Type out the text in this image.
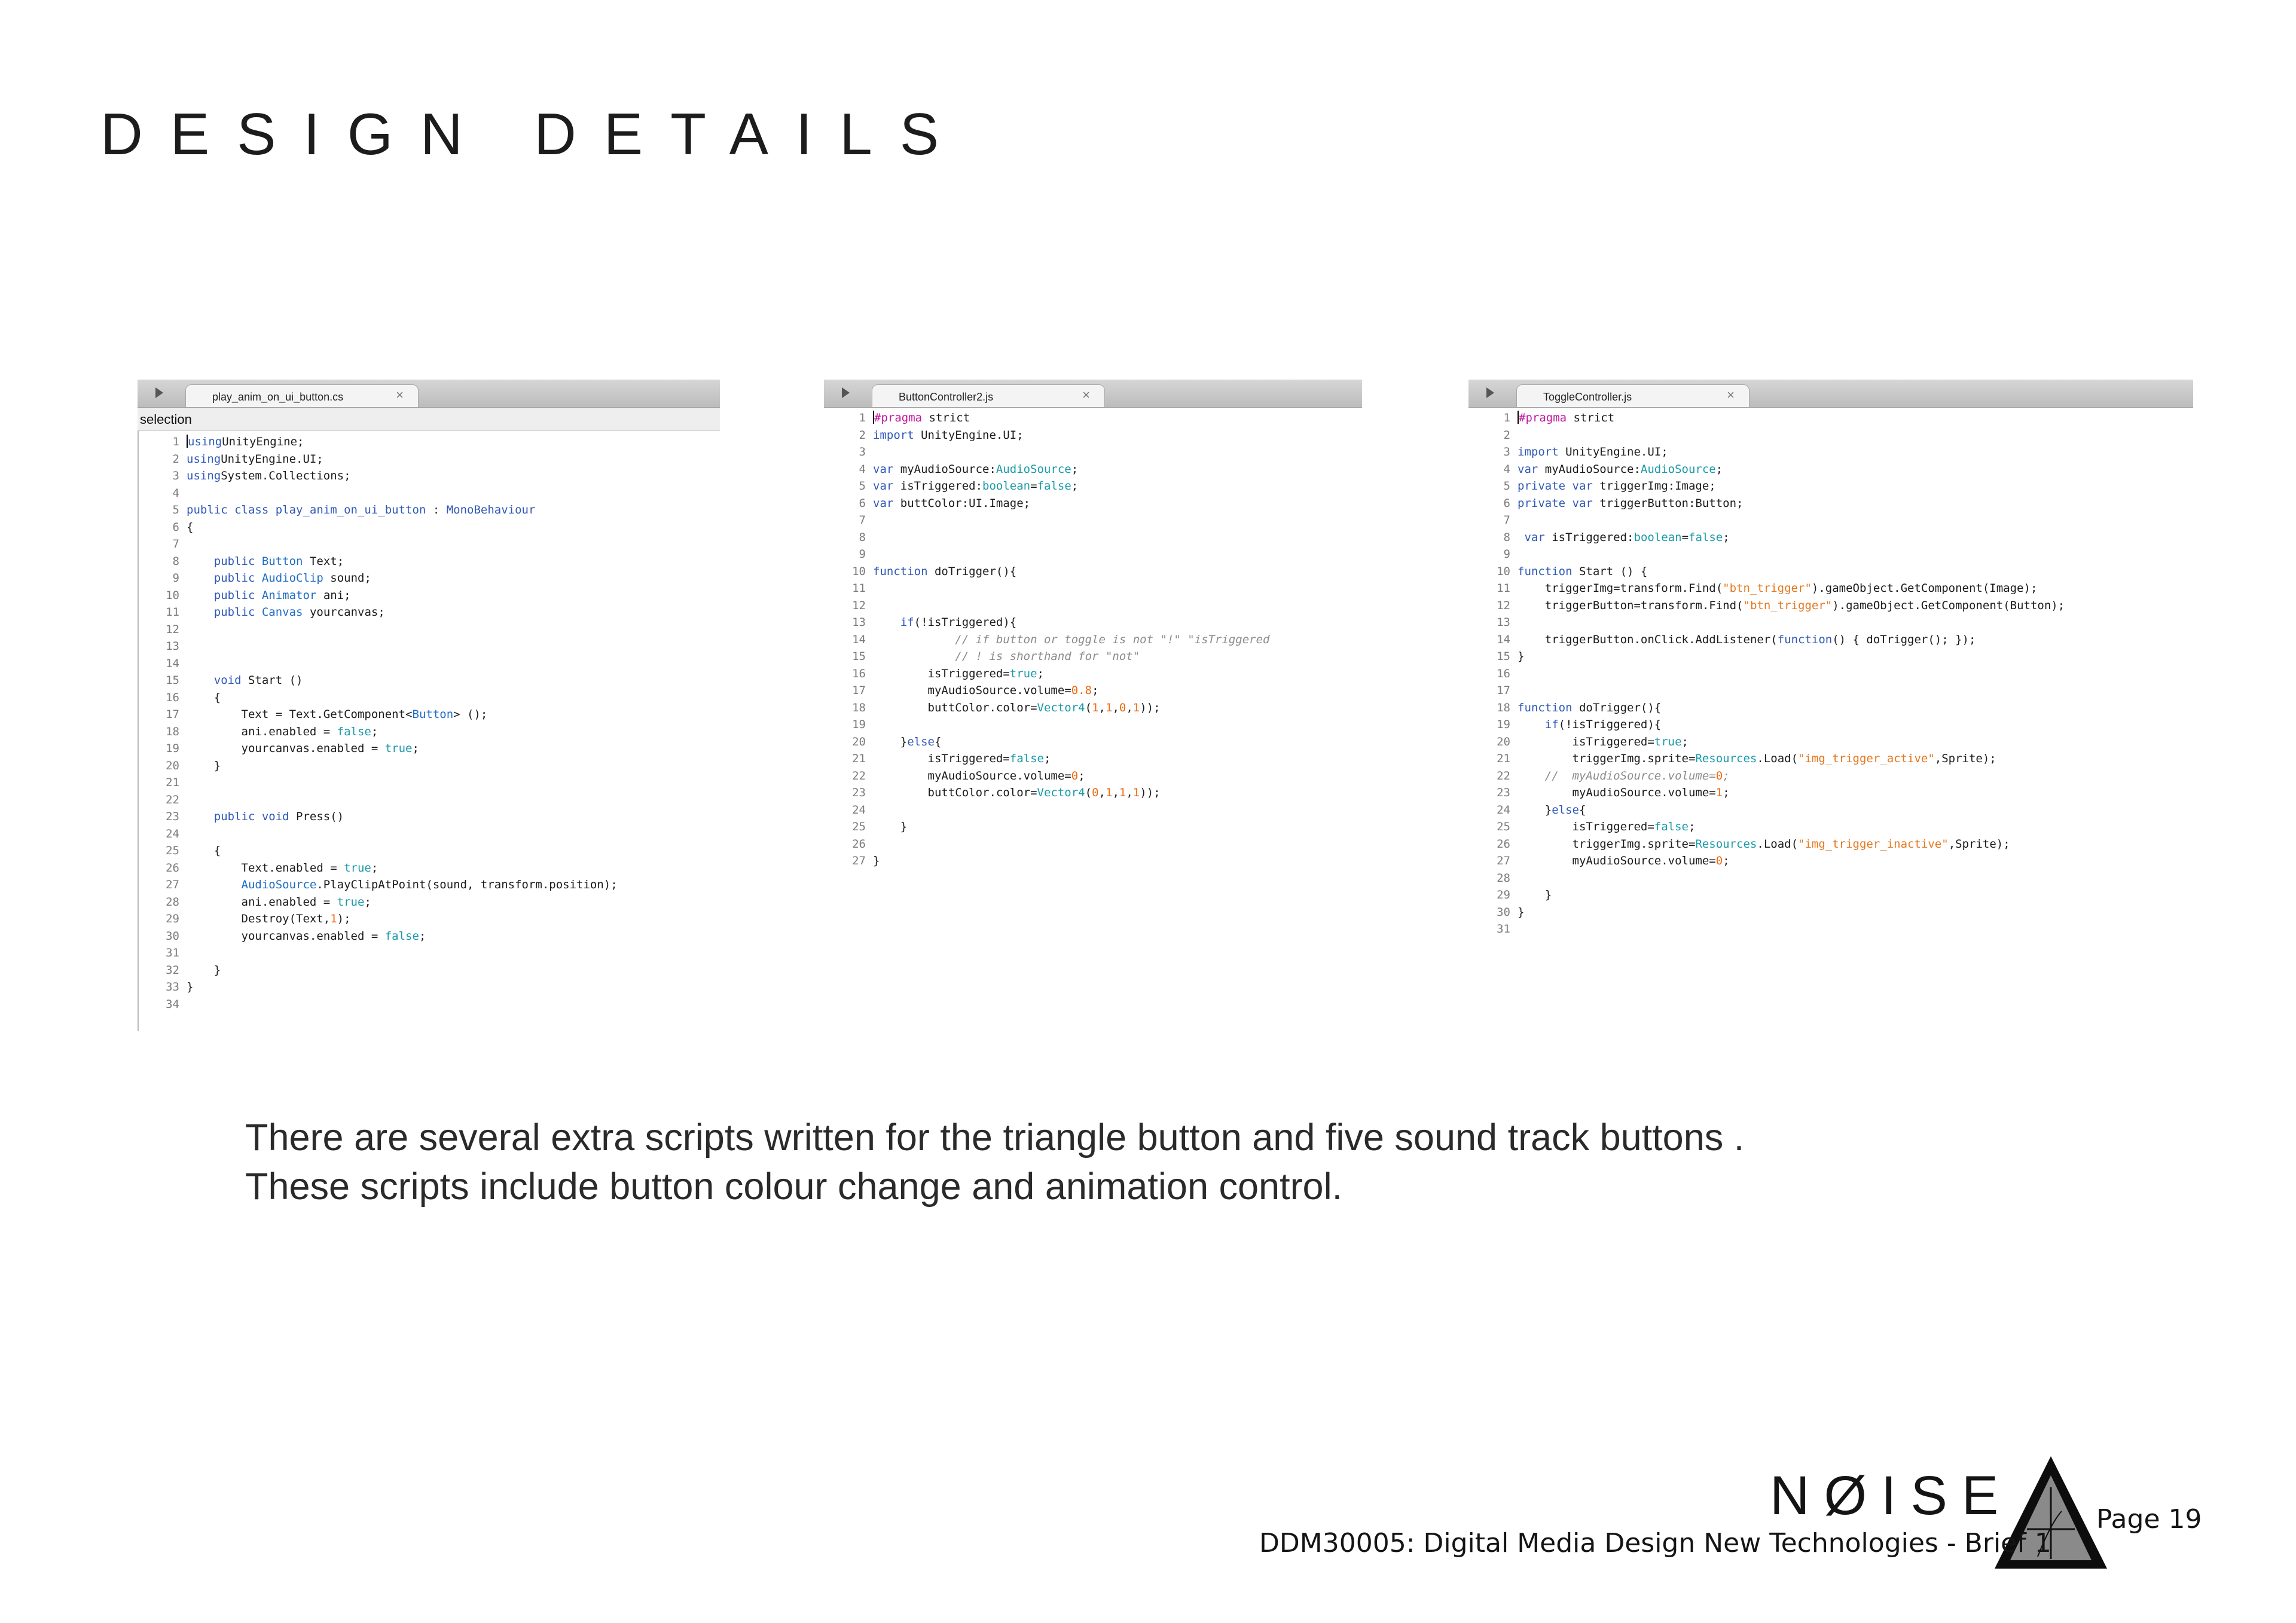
DESIGN DETAILS
play_anim_on_ui_button.cs	×
selection
1 usingUnityEngine;
2 usingUnityEngine.UI;
3 usingSystem.Collections;
4
5 public class play_anim_on_ui_button : MonoBehaviour
6 {
7
8	public Button Text;
9	public AudioClip sound;
10	public Animator ani;
11	public Canvas yourcanvas;
12
13
14
15	void Start ()
16    {
17        Text = Text.GetComponent<Button> ();
18        ani.enabled = false;
19        yourcanvas.enabled = true;
20    }
21
22
23	public void Press()
24
25    {
26        Text.enabled = true;
27	AudioSource.PlayClipAtPoint(sound, transform.position);
28        ani.enabled = true;
29        Destroy(Text,1);
30        yourcanvas.enabled = false;
31
32    }
33 }
34
ButtonController2.js	×
1 #pragma strict
2 import UnityEngine.UI;
3
4 var myAudioSource:AudioSource;
5 var isTriggered:boolean=false;
6 var buttColor:UI.Image;
7
8
9
10 function doTrigger(){
11
12
13	if(!isTriggered){
14	// if button or toggle is not "!" "isTriggered
15	// ! is shorthand for "not"
16        isTriggered=true;
17        myAudioSource.volume=0.8;
18        buttColor.color=Vector4(1,1,0,1));
19
20    }else{
21        isTriggered=false;
22        myAudioSource.volume=0;
23        buttColor.color=Vector4(0,1,1,1));
24
25    }
26
27 }
ToggleController.js	×
1 #pragma strict
2
3 import UnityEngine.UI;
4 var myAudioSource:AudioSource;
5 private var triggerImg:Image;
6 private var triggerButton:Button;
7
8 var isTriggered:boolean=false;
9
10 function Start () {
11    triggerImg=transform.Find("btn_trigger").gameObject.GetComponent(Image);
12    triggerButton=transform.Find("btn_trigger").gameObject.GetComponent(Button);
13
14    triggerButton.onClick.AddListener(function() { doTrigger(); });
15 }
16
17
18 function doTrigger(){
19	if(!isTriggered){
20        isTriggered=true;
21        triggerImg.sprite=Resources.Load("img_trigger_active",Sprite);
22	//  myAudioSource.volume=0;
23        myAudioSource.volume=1;
24    }else{
25        isTriggered=false;
26        triggerImg.sprite=Resources.Load("img_trigger_inactive",Sprite);
27        myAudioSource.volume=0;
28
29    }
30 }
31

There are several extra scripts written for the triangle button and five sound track buttons .
These scripts include button colour change and animation control.

NØISE
DDM30005: Digital Media Design New Technologies - Brief 1
Page 19
